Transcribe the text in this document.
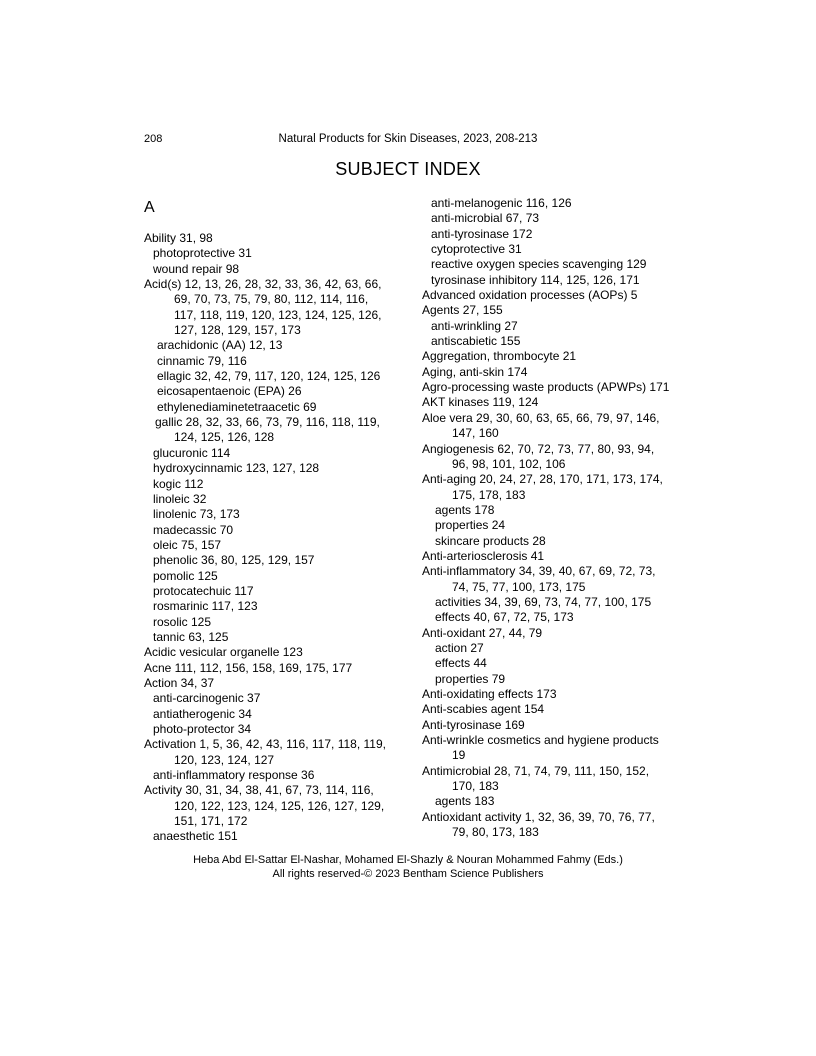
208	Natural Products for Skin Diseases, 2023, 208-213
SUBJECT INDEX
A
Ability 31, 98
photoprotective 31
wound repair 98
Acid(s) 12, 13, 26, 28, 32, 33, 36, 42, 63, 66,
69, 70, 73, 75, 79, 80, 112, 114, 116,
117, 118, 119, 120, 123, 124, 125, 126,
127, 128, 129, 157, 173
arachidonic (AA) 12, 13
cinnamic 79, 116
ellagic 32, 42, 79, 117, 120, 124, 125, 126
eicosapentaenoic (EPA) 26
ethylenediaminetetraacetic 69
gallic 28, 32, 33, 66, 73, 79, 116, 118, 119,
124, 125, 126, 128
glucuronic 114
hydroxycinnamic 123, 127, 128
kogic 112
linoleic 32
linolenic 73, 173
madecassic 70
oleic 75, 157
phenolic 36, 80, 125, 129, 157
pomolic 125
protocatechuic 117
rosmarinic 117, 123
rosolic 125
tannic 63, 125
Acidic vesicular organelle 123
Acne 111, 112, 156, 158, 169, 175, 177
Action 34, 37
anti-carcinogenic 37
antiatherogenic 34
photo-protector 34
Activation 1, 5, 36, 42, 43, 116, 117, 118, 119,
120, 123, 124, 127
anti-inflammatory response 36
Activity 30, 31, 34, 38, 41, 67, 73, 114, 116,
120, 122, 123, 124, 125, 126, 127, 129,
151, 171, 172
anaesthetic 151
anti-melanogenic 116, 126
anti-microbial 67, 73
anti-tyrosinase 172
cytoprotective 31
reactive oxygen species scavenging 129
tyrosinase inhibitory 114, 125, 126, 171
Advanced oxidation processes (AOPs) 5
Agents 27, 155
anti-wrinkling 27
antiscabietic 155
Aggregation, thrombocyte 21
Aging, anti-skin 174
Agro-processing waste products (APWPs) 171
AKT kinases 119, 124
Aloe vera 29, 30, 60, 63, 65, 66, 79, 97, 146,
147, 160
Angiogenesis 62, 70, 72, 73, 77, 80, 93, 94,
96, 98, 101, 102, 106
Anti-aging 20, 24, 27, 28, 170, 171, 173, 174,
175, 178, 183
agents 178
properties 24
skincare products 28
Anti-arteriosclerosis 41
Anti-inflammatory 34, 39, 40, 67, 69, 72, 73,
74, 75, 77, 100, 173, 175
activities 34, 39, 69, 73, 74, 77, 100, 175
effects 40, 67, 72, 75, 173
Anti-oxidant 27, 44, 79
action 27
effects 44
properties 79
Anti-oxidating effects 173
Anti-scabies agent 154
Anti-tyrosinase 169
Anti-wrinkle cosmetics and hygiene products
19
Antimicrobial 28, 71, 74, 79, 111, 150, 152,
170, 183
agents 183
Antioxidant activity 1, 32, 36, 39, 70, 76, 77,
79, 80, 173, 183
Heba Abd El-Sattar El-Nashar, Mohamed El-Shazly & Nouran Mohammed Fahmy (Eds.)
All rights reserved-© 2023 Bentham Science Publishers
